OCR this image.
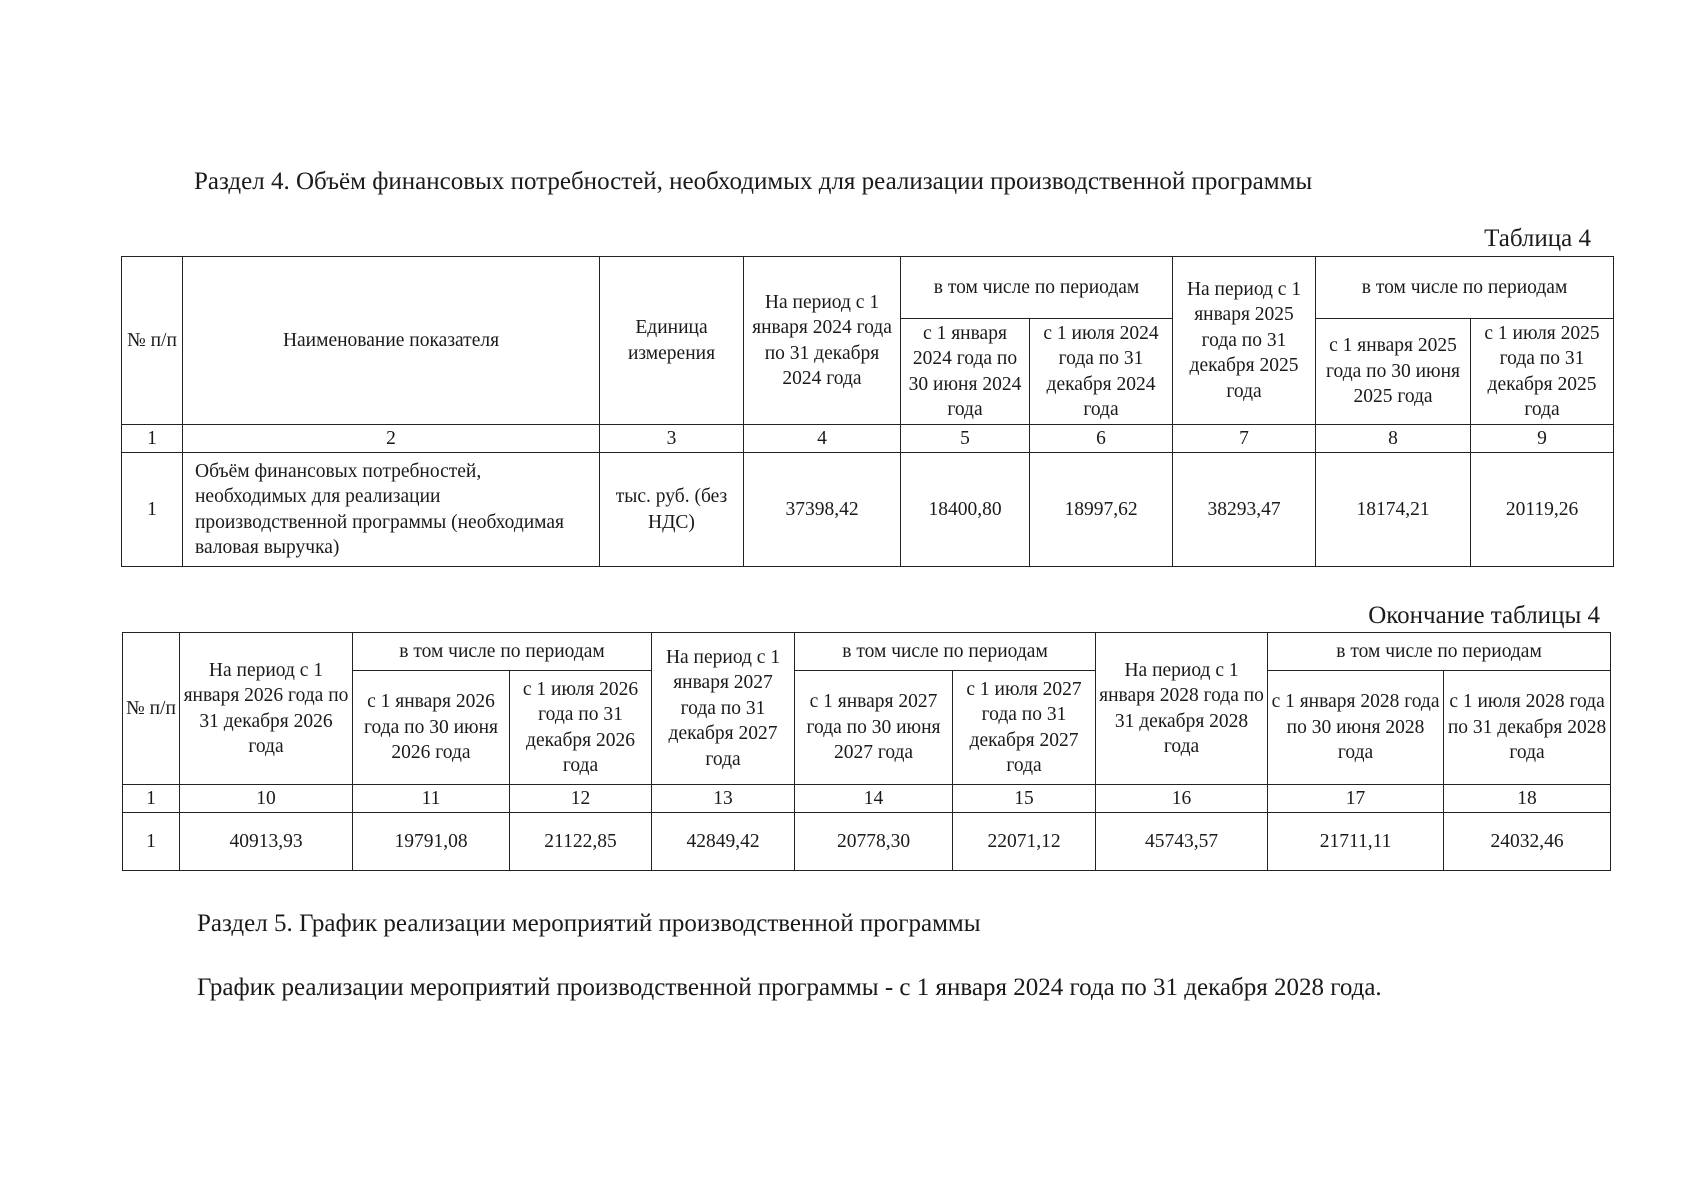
Раздел 4. Объём финансовых потребностей, необходимых для реализации производственной программы
Таблица 4
№ п/п	Наименование показателя	Единица измерения	На период с 1 января 2024 года по 31 декабря 2024 года	в том числе по периодам		На период с 1 января 2025 года по 31 декабря 2025 года	в том числе по периодам	
				с 1 января 2024 года по 30 июня 2024 года	с 1 июля 2024 года по 31 декабря 2024 года		с 1 января 2025 года по 30 июня 2025 года	с 1 июля 2025 года по 31 декабря 2025 года
1	2	3	4	5	6	7	8	9
1	Объём финансовых потребностей, необходимых для реализации производственной программы (необходимая валовая выручка)	тыс. руб. (без НДС)	37398,42	18400,80	18997,62	38293,47	18174,21	20119,26
Окончание таблицы 4
№ п/п	На период с 1 января 2026 года по 31 декабря 2026 года	в том числе по периодам		На период с 1 января 2027 года по 31 декабря 2027 года	в том числе по периодам		На период с 1 января 2028 года по 31 декабря 2028 года	в том числе по периодам	
		с 1 января 2026 года по 30 июня 2026 года	с 1 июля 2026 года по 31 декабря 2026 года		с 1 января 2027 года по 30 июня 2027 года	с 1 июля 2027 года по 31 декабря 2027 года		с 1 января 2028 года по 30 июня 2028 года	с 1 июля 2028 года по 31 декабря 2028 года
1	10	11	12	13	14	15	16	17	18
1	40913,93	19791,08	21122,85	42849,42	20778,30	22071,12	45743,57	21711,11	24032,46
Раздел 5. График реализации мероприятий производственной программы
График реализации мероприятий производственной программы - с 1 января 2024 года по 31 декабря 2028 года.
